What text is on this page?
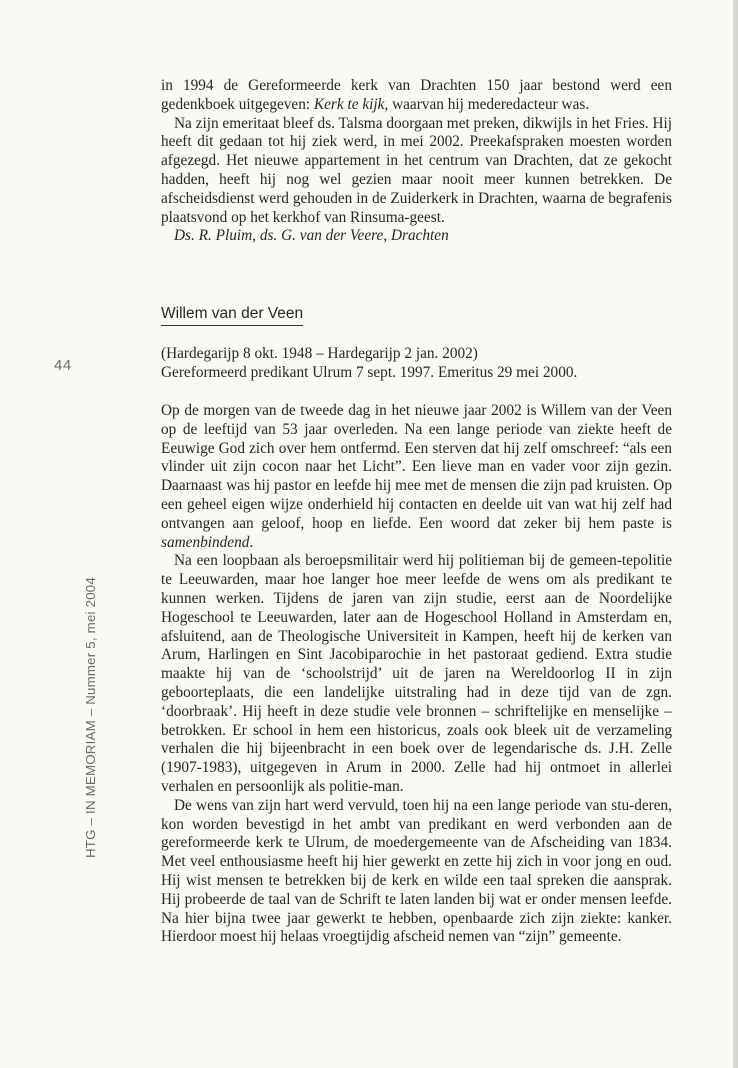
44
HTG – IN MEMORIAM – Nummer 5, mei 2004

in 1994 de Gereformeerde kerk van Drachten 150 jaar bestond werd een gedenkboek uitgegeven: Kerk te kijk, waarvan hij mederedacteur was.

Na zijn emeritaat bleef ds. Talsma doorgaan met preken, dikwijls in het Fries. Hij heeft dit gedaan tot hij ziek werd, in mei 2002. Preekafspraken moesten worden afgezegd. Het nieuwe appartement in het centrum van Drachten, dat ze gekocht hadden, heeft hij nog wel gezien maar nooit meer kunnen betrekken. De afscheidsdienst werd gehouden in de Zuiderkerk in Drachten, waarna de begrafenis plaatsvond op het kerkhof van Rinsuma-geest.

Ds. R. Pluim, ds. G. van der Veere, Drachten

Willem van der Veen

(Hardegarijp 8 okt. 1948 – Hardegarijp 2 jan. 2002)

Gereformeerd predikant Ulrum 7 sept. 1997. Emeritus 29 mei 2000.

Op de morgen van de tweede dag in het nieuwe jaar 2002 is Willem van der Veen op de leeftijd van 53 jaar overleden. Na een lange periode van ziekte heeft de Eeuwige God zich over hem ontfermd. Een sterven dat hij zelf omschreef: “als een vlinder uit zijn cocon naar het Licht”. Een lieve man en vader voor zijn gezin. Daarnaast was hij pastor en leefde hij mee met de mensen die zijn pad kruisten. Op een geheel eigen wijze onderhield hij contacten en deelde uit van wat hij zelf had ontvangen aan geloof, hoop en liefde. Een woord dat zeker bij hem paste is samenbindend.

Na een loopbaan als beroepsmilitair werd hij politieman bij de gemeen-tepolitie te Leeuwarden, maar hoe langer hoe meer leefde de wens om als predikant te kunnen werken. Tijdens de jaren van zijn studie, eerst aan de Noordelijke Hogeschool te Leeuwarden, later aan de Hogeschool Holland in Amsterdam en, afsluitend, aan de Theologische Universiteit in Kampen, heeft hij de kerken van Arum, Harlingen en Sint Jacobiparochie in het pastoraat gediend. Extra studie maakte hij van de ‘schoolstrijd’ uit de jaren na Wereldoorlog II in zijn geboorteplaats, die een landelijke uitstraling had in deze tijd van de zgn. ‘doorbraak’. Hij heeft in deze studie vele bronnen – schriftelijke en menselijke – betrokken. Er school in hem een historicus, zoals ook bleek uit de verzameling verhalen die hij bijeenbracht in een boek over de legendarische ds. J.H. Zelle (1907-1983), uitgegeven in Arum in 2000. Zelle had hij ontmoet in allerlei verhalen en persoonlijk als politie-man.

De wens van zijn hart werd vervuld, toen hij na een lange periode van stu-deren, kon worden bevestigd in het ambt van predikant en werd verbonden aan de gereformeerde kerk te Ulrum, de moedergemeente van de Afscheiding van 1834. Met veel enthousiasme heeft hij hier gewerkt en zette hij zich in voor jong en oud. Hij wist mensen te betrekken bij de kerk en wilde een taal spreken die aansprak. Hij probeerde de taal van de Schrift te laten landen bij wat er onder mensen leefde. Na hier bijna twee jaar gewerkt te hebben, openbaarde zich zijn ziekte: kanker. Hierdoor moest hij helaas vroegtijdig afscheid nemen van “zijn” gemeente.
